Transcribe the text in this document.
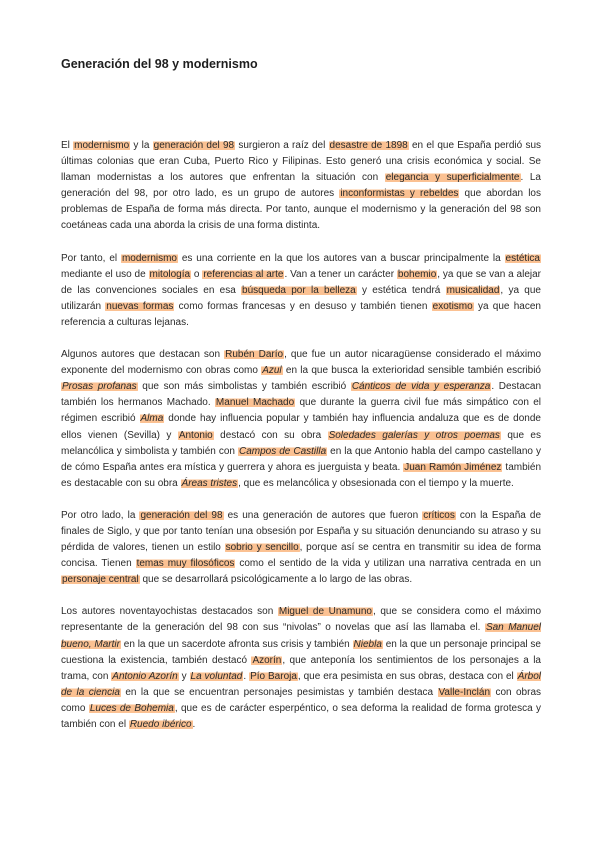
Generación del 98 y modernismo

El modernismo y la generación del 98 surgieron a raíz del desastre de 1898 en el que España perdió sus últimas colonias que eran Cuba, Puerto Rico y Filipinas. Esto generó una crisis económica y social. Se llaman modernistas a los autores que enfrentan la situación con elegancia y superficialmente. La generación del 98, por otro lado, es un grupo de autores inconformistas y rebeldes que abordan los problemas de España de forma más directa. Por tanto, aunque el modernismo y la generación del 98 son coetáneas cada una aborda la crisis de una forma distinta.

Por tanto, el modernismo es una corriente en la que los autores van a buscar principalmente la estética mediante el uso de mitología o referencias al arte. Van a tener un carácter bohemio, ya que se van a alejar de las convenciones sociales en esa búsqueda por la belleza y estética tendrá musicalidad, ya que utilizarán nuevas formas como formas francesas y en desuso y también tienen exotismo ya que hacen referencia a culturas lejanas.

Algunos autores que destacan son Rubén Darío, que fue un autor nicaragüense considerado el máximo exponente del modernismo con obras como Azul en la que busca la exterioridad sensible también escribió Prosas profanas que son más simbolistas y también escribió Cánticos de vida y esperanza. Destacan también los hermanos Machado. Manuel Machado que durante la guerra civil fue más simpático con el régimen escribió Alma donde hay influencia popular y también hay influencia andaluza que es de donde ellos vienen (Sevilla) y Antonio destacó con su obra Soledades galerías y otros poemas que es melancólica y simbolista y también con Campos de Castilla en la que Antonio habla del campo castellano y de cómo España antes era mística y guerrera y ahora es juerguista y beata. Juan Ramón Jiménez también es destacable con su obra Áreas tristes, que es melancólica y obsesionada con el tiempo y la muerte.

Por otro lado, la generación del 98 es una generación de autores que fueron críticos con la España de finales de Siglo, y que por tanto tenían una obsesión por España y su situación denunciando su atraso y su pérdida de valores, tienen un estilo sobrio y sencillo, porque así se centra en transmitir su idea de forma concisa. Tienen temas muy filosóficos como el sentido de la vida y utilizan una narrativa centrada en un personaje central que se desarrollará psicológicamente a lo largo de las obras.

Los autores noventayochistas destacados son Miguel de Unamuno, que se considera como el máximo representante de la generación del 98 con sus “nivolas” o novelas que así las llamaba el. San Manuel bueno, Martir en la que un sacerdote afronta sus crisis y también Niebla en la que un personaje principal se cuestiona la existencia, también destacó Azorín, que anteponía los sentimientos de los personajes a la trama, con Antonio Azorín y La voluntad. Pío Baroja, que era pesimista en sus obras, destaca con el Árbol de la ciencia en la que se encuentran personajes pesimistas y también destaca Valle-Inclán con obras como Luces de Bohemia, que es de carácter esperpéntico, o sea deforma la realidad de forma grotesca y también con el Ruedo ibérico.
